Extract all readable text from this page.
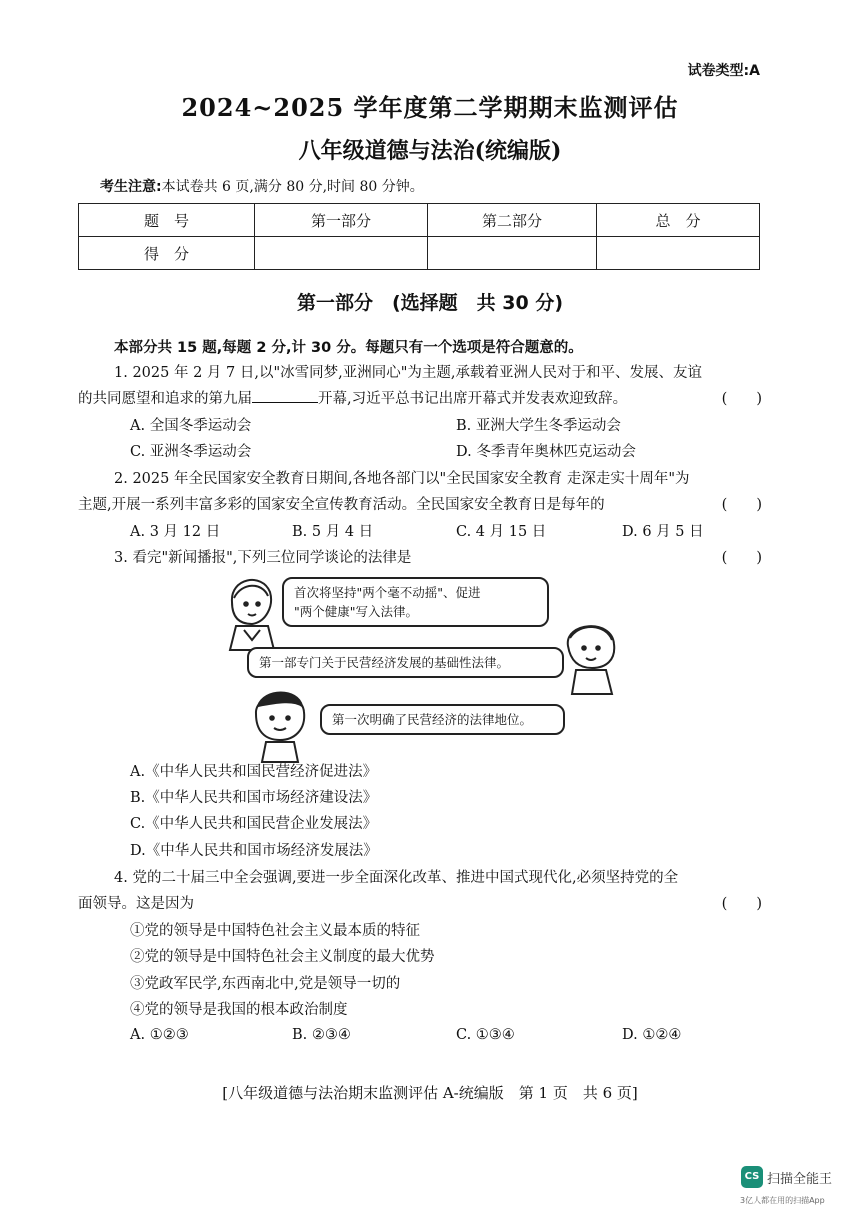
试卷类型:A
2024~2025 学年度第二学期期末监测评估
八年级道德与法治(统编版)
考生注意:本试卷共 6 页,满分 80 分,时间 80 分钟。
题　号	第一部分	第二部分	总　分
得　分			
第一部分　(选择题　共 30 分)
本部分共 15 题,每题 2 分,计 30 分。每题只有一个选项是符合题意的。
1. 2025 年 2 月 7 日,以"冰雪同梦,亚洲同心"为主题,承载着亚洲人民对于和平、发展、友谊
的共同愿望和追求的第九届	开幕,习近平总书记出席开幕式并发表欢迎致辞。	(　　)
A. 全国冬季运动会	B. 亚洲大学生冬季运动会
C. 亚洲冬季运动会	D. 冬季青年奥林匹克运动会
2. 2025 年全民国家安全教育日期间,各地各部门以"全民国家安全教育 走深走实十周年"为
主题,开展一系列丰富多彩的国家安全宣传教育活动。全民国家安全教育日是每年的	(　　)
A. 3 月 12 日	B. 5 月 4 日	C. 4 月 15 日	D. 6 月 5 日
3. 看完"新闻播报",下列三位同学谈论的法律是	(　　)
首次将坚持"两个毫不动摇"、促进
"两个健康"写入法律。
第一部专门关于民营经济发展的基础性法律。
第一次明确了民营经济的法律地位。
A.《中华人民共和国民营经济促进法》
B.《中华人民共和国市场经济建设法》
C.《中华人民共和国民营企业发展法》
D.《中华人民共和国市场经济发展法》
4. 党的二十届三中全会强调,要进一步全面深化改革、推进中国式现代化,必须坚持党的全
面领导。这是因为	(　　)
①党的领导是中国特色社会主义最本质的特征
②党的领导是中国特色社会主义制度的最大优势
③党政军民学,东西南北中,党是领导一切的
④党的领导是我国的根本政治制度
A. ①②③	B. ②③④	C. ①③④	D. ①②④
[八年级道德与法治期末监测评估 A-统编版　第 1 页　共 6 页]
CS 扫描全能王
3亿人都在用的扫描App
